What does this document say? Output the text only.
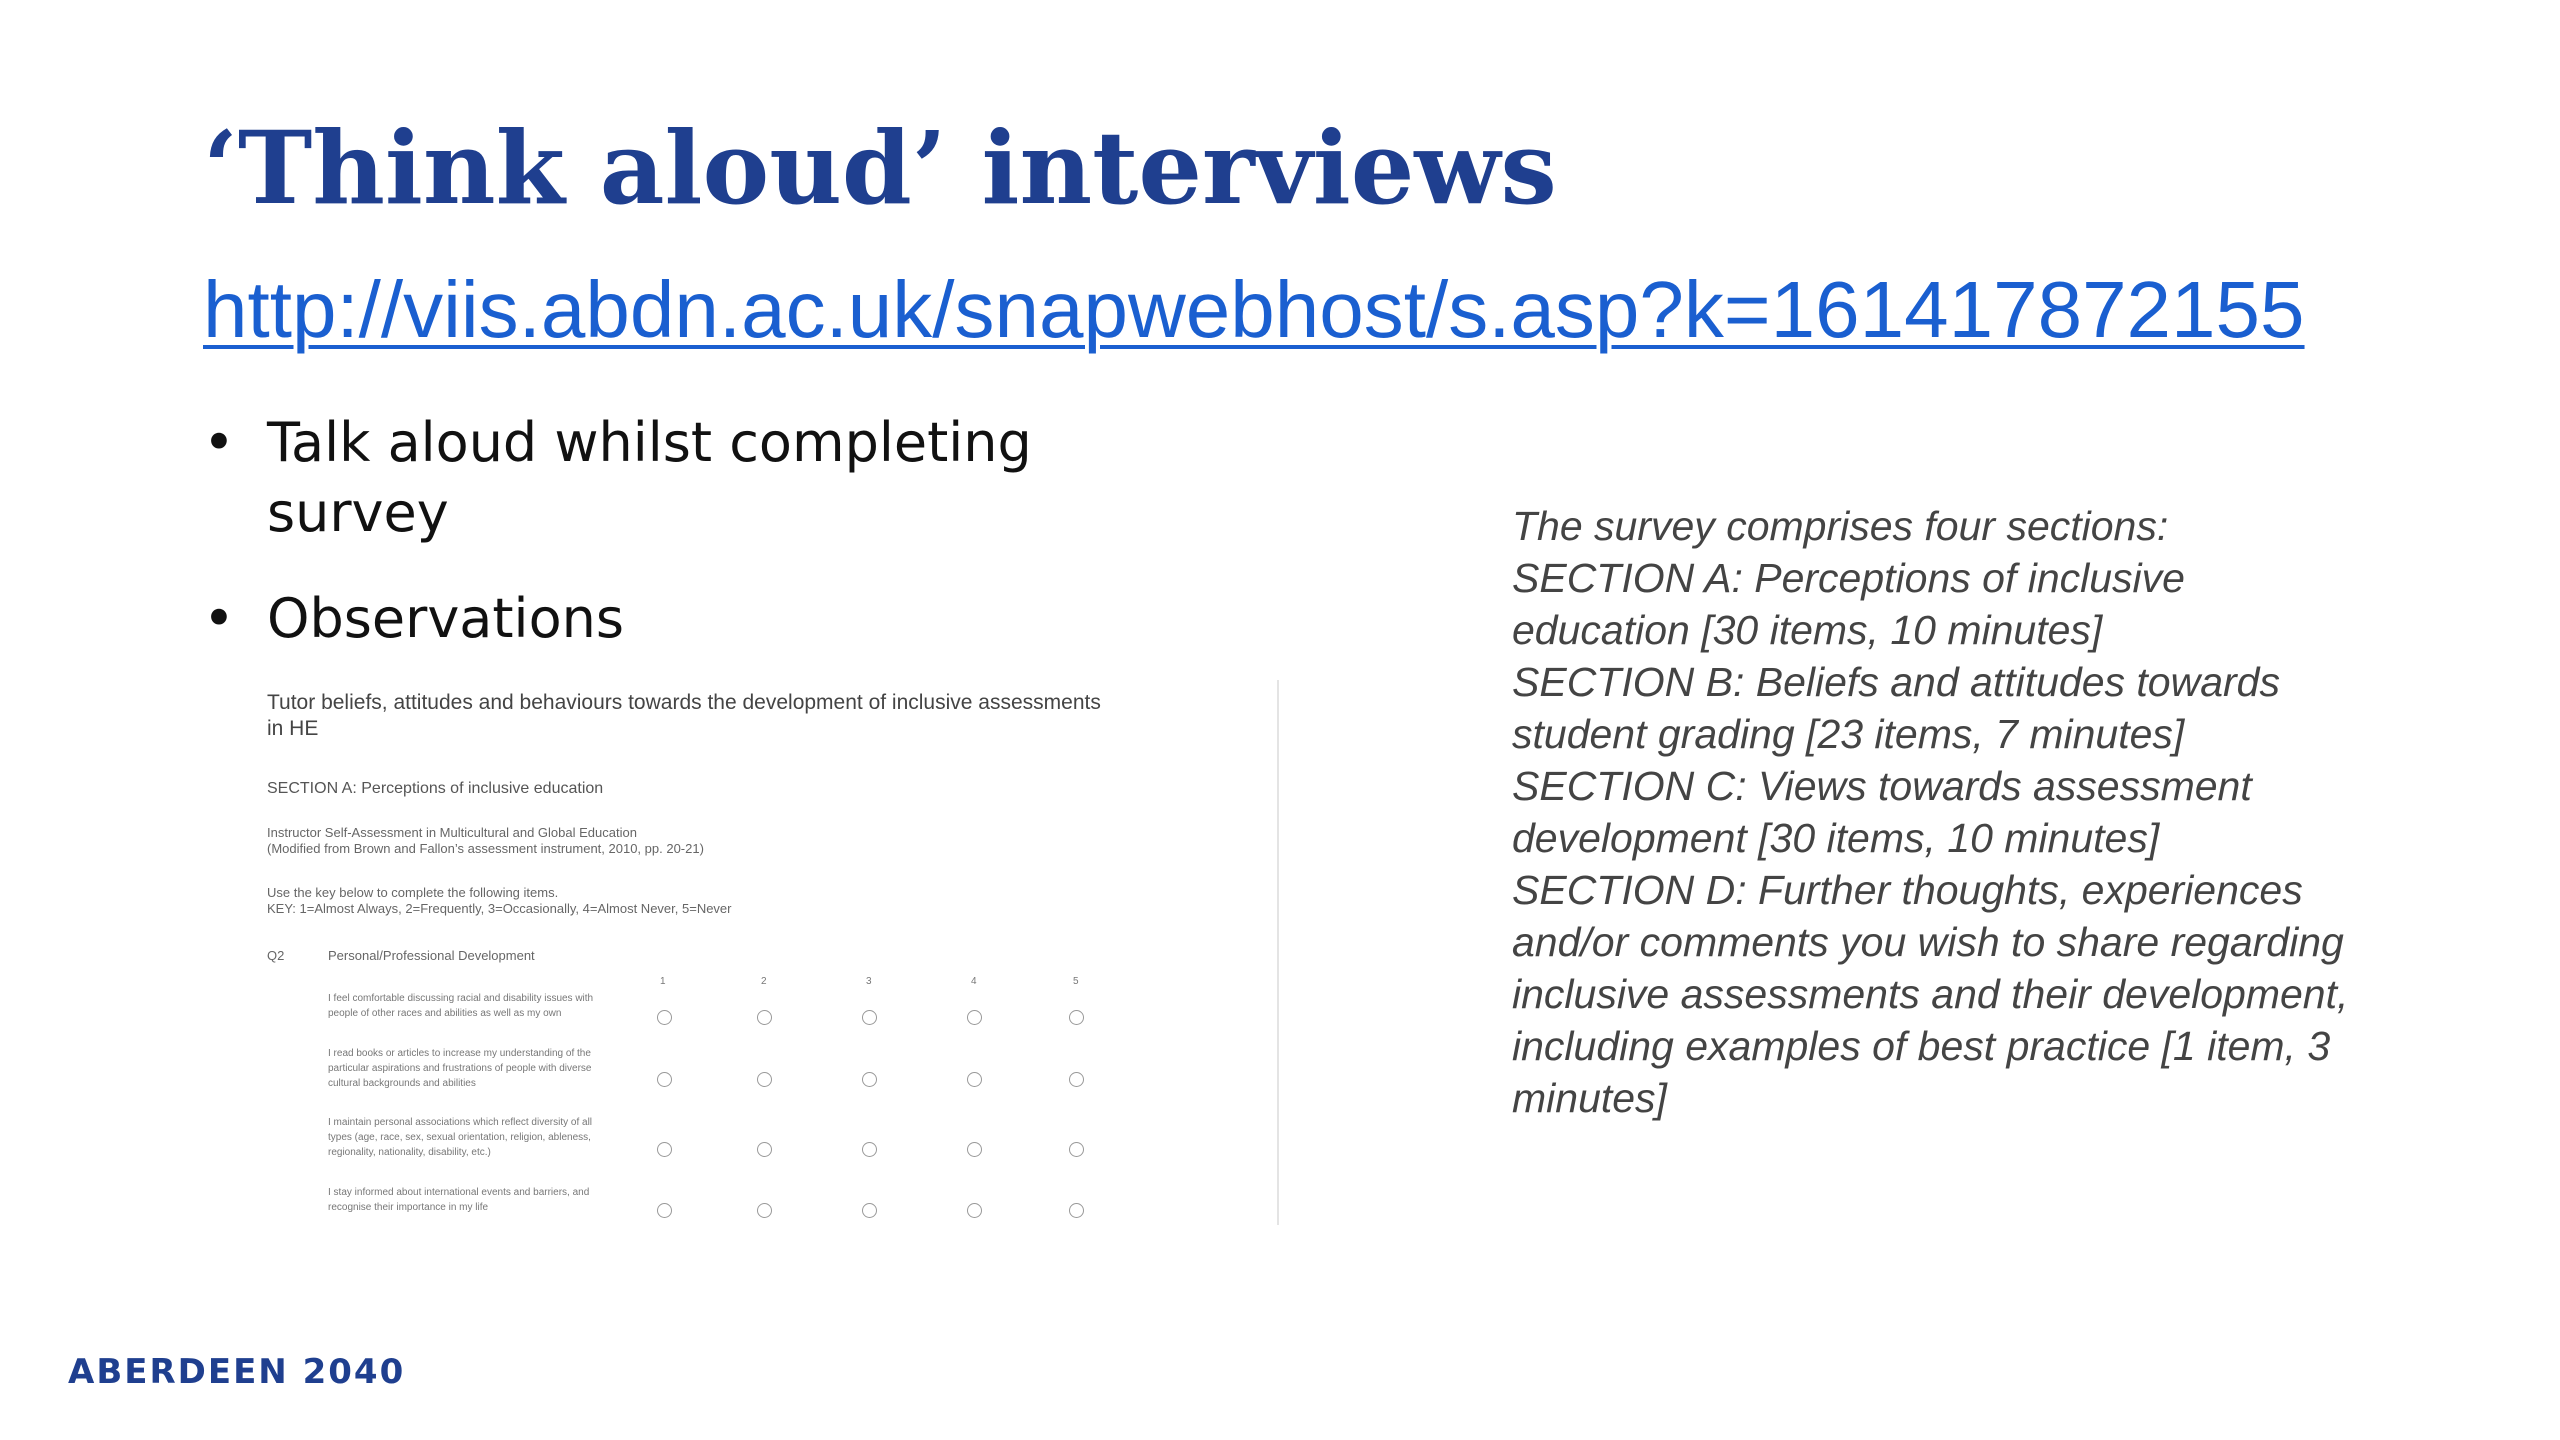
‘Think aloud’ interviews
http://viis.abdn.ac.uk/snapwebhost/s.asp?k=161417872155
• Talk aloud whilst completing survey
• Observations
Tutor beliefs, attitudes and behaviours towards the development of inclusive assessments in HE
SECTION A: Perceptions of inclusive education
Instructor Self-Assessment in Multicultural and Global Education
(Modified from Brown and Fallon’s assessment instrument, 2010, pp. 20-21)
Use the key below to complete the following items.
KEY: 1=Almost Always, 2=Frequently, 3=Occasionally, 4=Almost Never, 5=Never
Q2	Personal/Professional Development
1	2	3	4	5
I feel comfortable discussing racial and disability issues with people of other races and abilities as well as my own
I read books or articles to increase my understanding of the particular aspirations and frustrations of people with diverse cultural backgrounds and abilities
I maintain personal associations which reflect diversity of all types (age, race, sex, sexual orientation, religion, ableness, regionality, nationality, disability, etc.)
I stay informed about international events and barriers, and recognise their importance in my life
The survey comprises four sections:
SECTION A: Perceptions of inclusive education [30 items, 10 minutes]
SECTION B: Beliefs and attitudes towards student grading [23 items, 7 minutes]
SECTION C: Views towards assessment development [30 items, 10 minutes]
SECTION D: Further thoughts, experiences and/or comments you wish to share regarding inclusive assessments and their development, including examples of best practice [1 item, 3 minutes]
ABERDEEN 2040
